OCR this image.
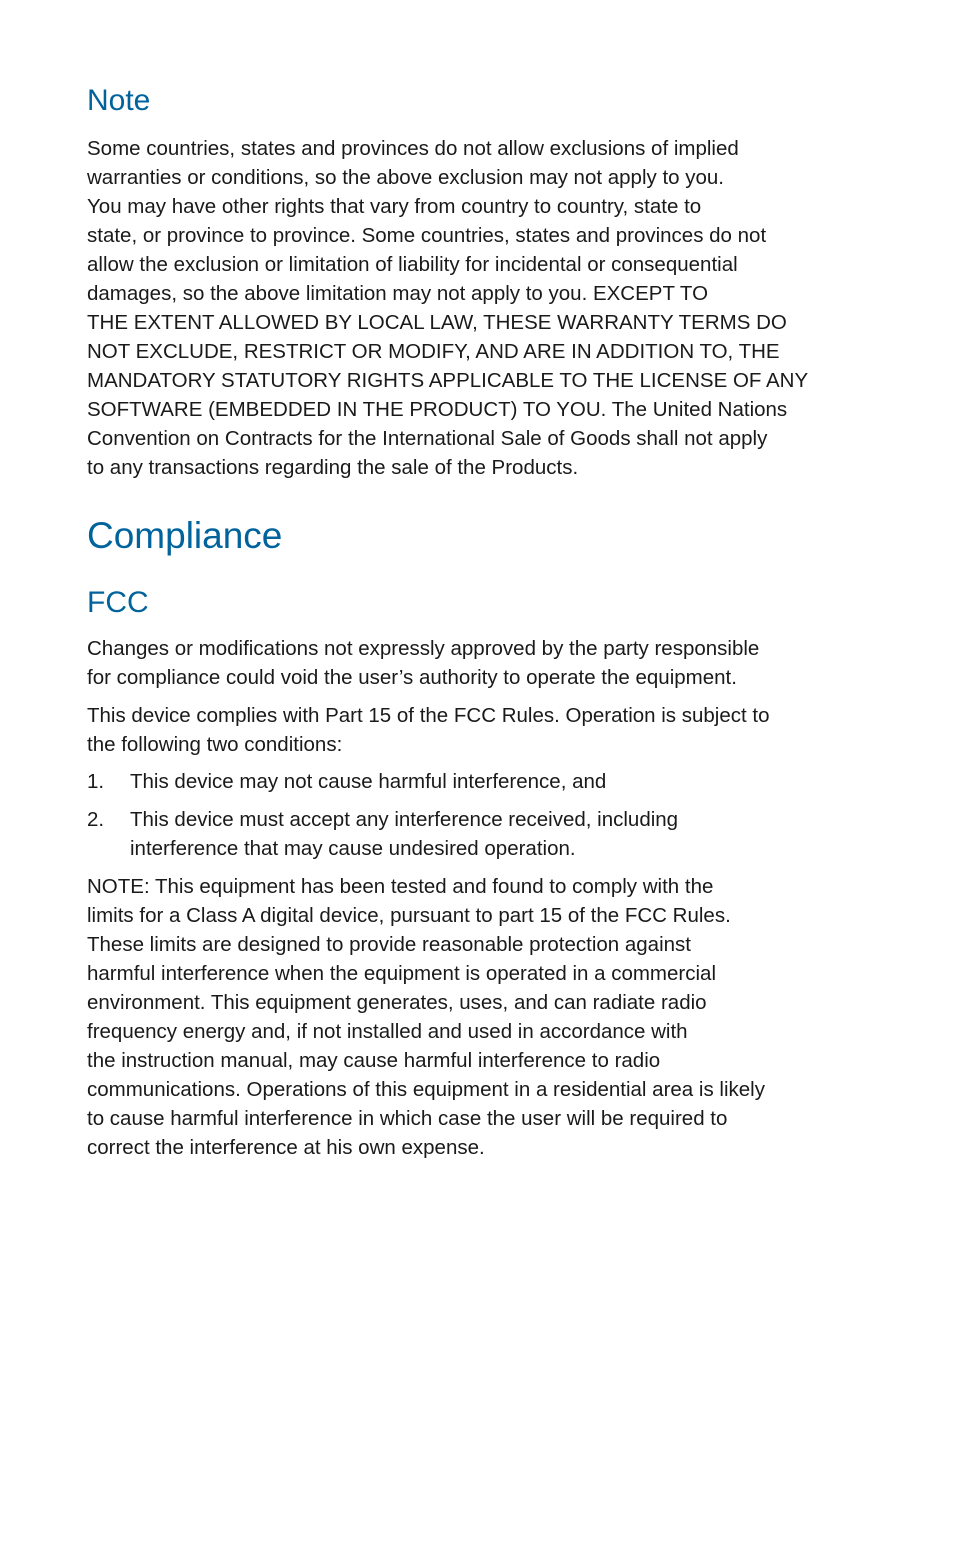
Note

Some countries, states and provinces do not allow exclusions of implied
warranties or conditions, so the above exclusion may not apply to you.
You may have other rights that vary from country to country, state to
state, or province to province. Some countries, states and provinces do not
allow the exclusion or limitation of liability for incidental or consequential
damages, so the above limitation may not apply to you. EXCEPT TO
THE EXTENT ALLOWED BY LOCAL LAW, THESE WARRANTY TERMS DO
NOT EXCLUDE, RESTRICT OR MODIFY, AND ARE IN ADDITION TO, THE
MANDATORY STATUTORY RIGHTS APPLICABLE TO THE LICENSE OF ANY
SOFTWARE (EMBEDDED IN THE PRODUCT) TO YOU. The United Nations
Convention on Contracts for the International Sale of Goods shall not apply
to any transactions regarding the sale of the Products.

Compliance
FCC

Changes or modifications not expressly approved by the party responsible
for compliance could void the user’s authority to operate the equipment.

This device complies with Part 15 of the FCC Rules. Operation is subject to
the following two conditions:

1.	This device may not cause harmful interference, and
2.	This device must accept any interference received, including
interference that may cause undesired operation.

NOTE: This equipment has been tested and found to comply with the
limits for a Class A digital device, pursuant to part 15 of the FCC Rules.
These limits are designed to provide reasonable protection against
harmful interference when the equipment is operated in a commercial
environment. This equipment generates, uses, and can radiate radio
frequency energy and, if not installed and used in accordance with
the instruction manual, may cause harmful interference to radio
communications. Operations of this equipment in a residential area is likely
to cause harmful interference in which case the user will be required to
correct the interference at his own expense.
